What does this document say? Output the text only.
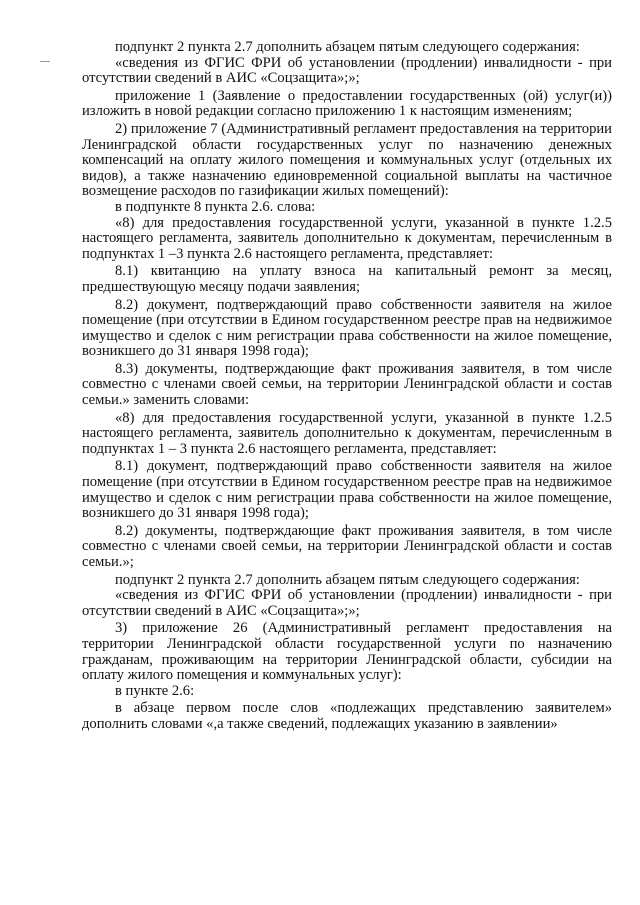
подпункт 2 пункта 2.7 дополнить абзацем пятым следующего содержания:

«сведения из ФГИС ФРИ об установлении (продлении) инвалидности - при отсутствии сведений в АИС «Соцзащита»;»;

приложение 1 (Заявление о предоставлении государственных (ой) услуг(и)) изложить в новой редакции согласно приложению 1 к настоящим изменениям;

2) приложение 7 (Административный регламент предоставления на территории Ленинградской области государственных услуг по назначению денежных компенсаций на оплату жилого помещения и коммунальных услуг (отдельных их видов), а также назначению единовременной социальной выплаты на частичное возмещение расходов по газификации жилых помещений):

в подпункте 8 пункта 2.6. слова:

«8) для предоставления государственной услуги, указанной в пункте 1.2.5 настоящего регламента, заявитель дополнительно к документам, перечисленным в подпунктах 1 –3 пункта 2.6 настоящего регламента, представляет:

8.1) квитанцию на уплату взноса на капитальный ремонт за месяц, предшествующую месяцу подачи заявления;

8.2) документ, подтверждающий право собственности заявителя на жилое помещение (при отсутствии в Едином государственном реестре прав на недвижимое имущество и сделок с ним регистрации права собственности на жилое помещение, возникшего до 31 января 1998 года);

8.3) документы, подтверждающие факт проживания заявителя, в том числе совместно с членами своей семьи, на территории Ленинградской области и состав семьи.» заменить словами:

«8) для предоставления государственной услуги, указанной в пункте 1.2.5 настоящего регламента, заявитель дополнительно к документам, перечисленным в подпунктах 1 – 3 пункта 2.6 настоящего регламента, представляет:

8.1) документ, подтверждающий право собственности заявителя на жилое помещение (при отсутствии в Едином государственном реестре прав на недвижимое имущество и сделок с ним регистрации права собственности на жилое помещение, возникшего до 31 января 1998 года);

8.2) документы, подтверждающие факт проживания заявителя, в том числе совместно с членами своей семьи, на территории Ленинградской области и состав семьи.»;

подпункт 2 пункта 2.7 дополнить абзацем пятым следующего содержания:

«сведения из ФГИС ФРИ об установлении (продлении) инвалидности - при отсутствии сведений в АИС «Соцзащита»;»;

3) приложение 26 (Административный регламент предоставления на территории Ленинградской области государственной услуги по назначению гражданам, проживающим на территории Ленинградской области, субсидии на оплату жилого помещения и коммунальных услуг):

в пункте 2.6:

в абзаце первом после слов «подлежащих представлению заявителем» дополнить словами «,а также сведений, подлежащих указанию в заявлении»
